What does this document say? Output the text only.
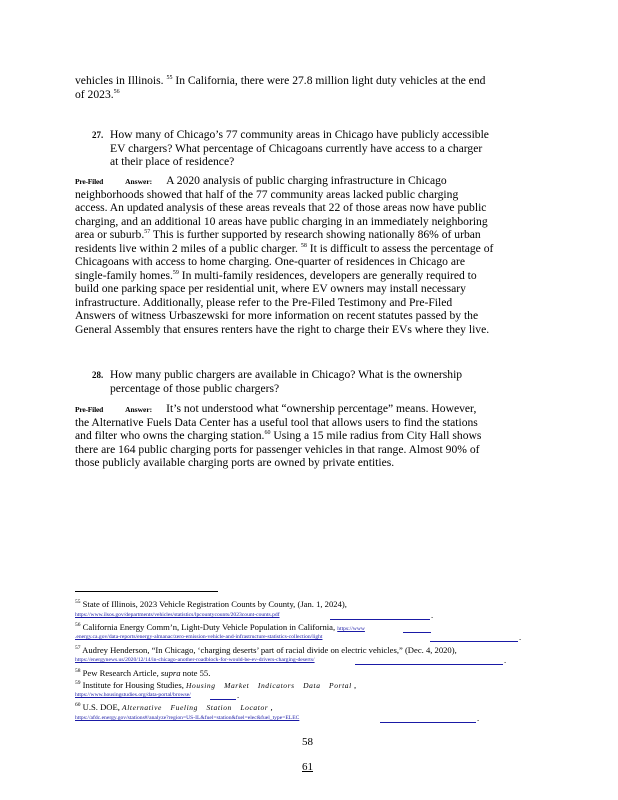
vehicles in Illinois. $^{55}$ In California, there were 27.8 million light duty vehicles at the end
of 2023.56
27. How many of Chicago’s 77 community areas in Chicago have publicly accessible
EV chargers? What percentage of Chicagoans currently have access to a charger
at their place of residence?
Pre-Filed	Answer: A 2020 analysis of public charging infrastructure in Chicago
neighborhoods showed that half of the 77 community areas lacked public charging
access. An updated analysis of these areas reveals that 22 of those areas now have public
charging, and an additional 10 areas have public charging in an immediately neighboring
area or suburb.$^{57}$ This is further supported by research showing nationally 86% of urban
residents live within 2 miles of a public charger. $^{58}$ It is difficult to assess the percentage of
Chicagoans with access to home charging. One-quarter of residences in Chicago are
single-family homes.$^{59}$ In multi-family residences, developers are generally required to
build one parking space per residential unit, where EV owners may install necessary
infrastructure. Additionally, please refer to the Pre-Filed Testimony and Pre-Filed
Answers of witness Urbaszewski for more information on recent statutes passed by the
General Assembly that ensures renters have the right to charge their EVs where they live.
28. How many public chargers are available in Chicago? What is the ownership
percentage of those public chargers?
Pre-Filed	Answer: It’s not understood what “ownership percentage” means. However,
the Alternative Fuels Data Center has a useful tool that allows users to find the stations
and filter who owns the charging station.$^{60}$ Using a 15 mile radius from City Hall shows
there are 164 public charging ports for passenger vehicles in that range. Almost 90% of
those publicly available charging ports are owned by private entities.
$^{55}$ State of Illinois, 2023 Vehicle Registration Counts by County, (Jan. 1, 2024),
https://www.ilsos.gov/departments/vehicles/statistics/lpcountycounts/2023count-counts.pdf	.
$^{56}$ California Energy Comm’n, Light-Duty Vehicle Population in California, https://www
.energy.ca.gov/data-reports/energy-almanac/zero-emission-vehicle-and-infrastructure-statistics-collection/light	.
$^{57}$ Audrey Henderson, “In Chicago, ‘charging deserts’ part of racial divide on electric vehicles,” (Dec. 4, 2020),
https://energynews.us/2020/12/14/in-chicago-another-roadblock-for-would-be-ev-drivers-charging-deserts/	.
$^{58}$ Pew Research Article, supra note 55.
$^{59}$ Institute for Housing Studies, Housing Market Indicators Data Portal ,
https://www.housingstudies.org/data-portal/browse/	.
$^{60}$ U.S. DOE, Alternative Fueling Station Locator ,
https://afdc.energy.gov/stations#/analyze?region=US-IL&fuel=station&fuel=elec&fuel_type=ELEC	.
58
61
